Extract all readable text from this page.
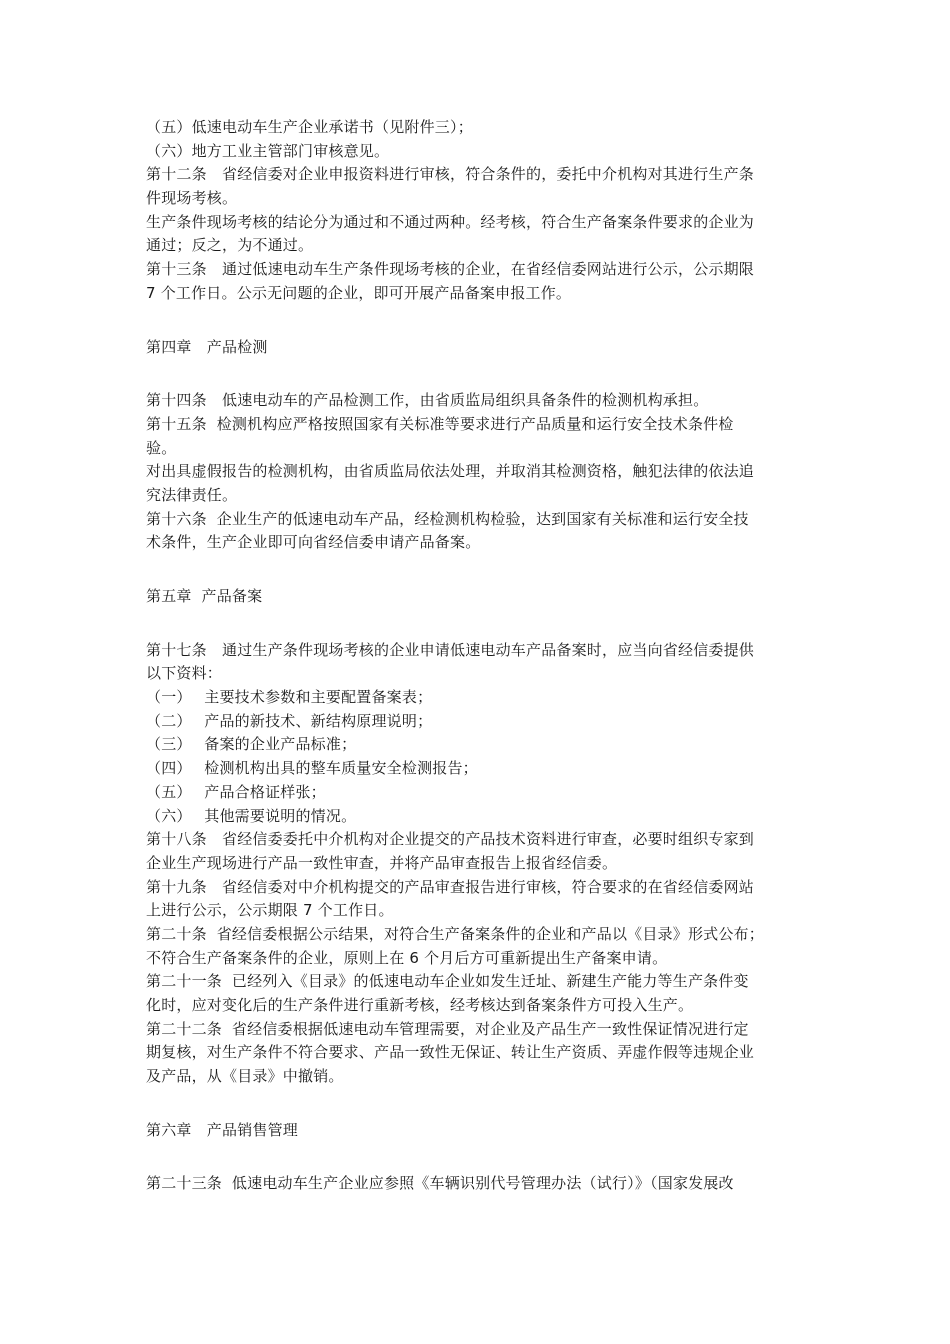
（五）低速电动车生产企业承诺书（见附件三）；
（六）地方工业主管部门审核意见。
第十二条　省经信委对企业申报资料进行审核，符合条件的，委托中介机构对其进行生产条
件现场考核。
生产条件现场考核的结论分为通过和不通过两种。经考核，符合生产备案条件要求的企业为
通过；反之，为不通过。
第十三条　通过低速电动车生产条件现场考核的企业，在省经信委网站进行公示，公示期限
7 个工作日。公示无问题的企业，即可开展产品备案申报工作。
第四章　产品检测
第十四条　低速电动车的产品检测工作，由省质监局组织具备条件的检测机构承担。
第十五条  检测机构应严格按照国家有关标准等要求进行产品质量和运行安全技术条件检
验。
对出具虚假报告的检测机构，由省质监局依法处理，并取消其检测资格，触犯法律的依法追
究法律责任。
第十六条  企业生产的低速电动车产品，经检测机构检验，达到国家有关标准和运行安全技
术条件，生产企业即可向省经信委申请产品备案。
第五章  产品备案
第十七条　通过生产条件现场考核的企业申请低速电动车产品备案时，应当向省经信委提供
以下资料：
（一）　 主要技术参数和主要配置备案表；
（二）　 产品的新技术、新结构原理说明；
（三）　 备案的企业产品标准；
（四）　 检测机构出具的整车质量安全检测报告；
（五）　 产品合格证样张；
（六）　 其他需要说明的情况。
第十八条　省经信委委托中介机构对企业提交的产品技术资料进行审查，必要时组织专家到
企业生产现场进行产品一致性审查，并将产品审查报告上报省经信委。
第十九条　省经信委对中介机构提交的产品审查报告进行审核，符合要求的在省经信委网站
上进行公示，公示期限 7 个工作日。
第二十条  省经信委根据公示结果，对符合生产备案条件的企业和产品以《目录》形式公布；
不符合生产备案条件的企业，原则上在 6 个月后方可重新提出生产备案申请。
第二十一条  已经列入《目录》的低速电动车企业如发生迁址、新建生产能力等生产条件变
化时，应对变化后的生产条件进行重新考核，经考核达到备案条件方可投入生产。
第二十二条  省经信委根据低速电动车管理需要，对企业及产品生产一致性保证情况进行定
期复核，对生产条件不符合要求、产品一致性无保证、转让生产资质、弄虚作假等违规企业
及产品，从《目录》中撤销。
第六章　产品销售管理
第二十三条  低速电动车生产企业应参照《车辆识别代号管理办法（试行）》（国家发展改
